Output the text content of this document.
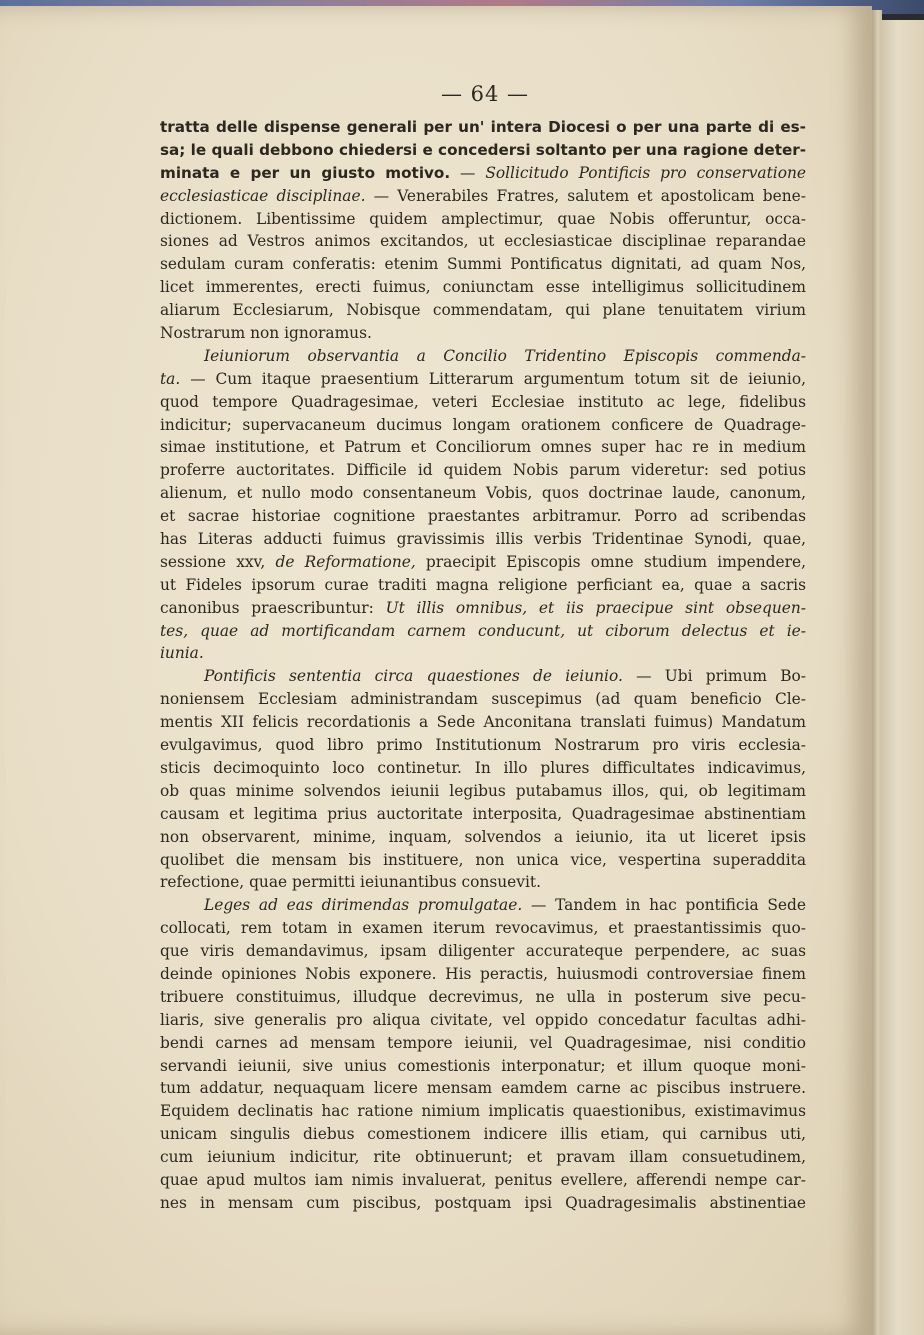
— 64 —
tratta delle dispense generali per un' intera Diocesi o per una parte di es-
sa; le quali debbono chiedersi e concedersi soltanto per una ragione deter-
minata e per un giusto motivo. — Sollicitudo Pontificis pro conservatione
ecclesiasticae disciplinae. — Venerabiles Fratres, salutem et apostolicam bene-
dictionem. Libentissime quidem amplectimur, quae Nobis offeruntur, occa-
siones ad Vestros animos excitandos, ut ecclesiasticae disciplinae reparandae
sedulam curam conferatis: etenim Summi Pontificatus dignitati, ad quam Nos,
licet immerentes, erecti fuimus, coniunctam esse intelligimus sollicitudinem
aliarum Ecclesiarum, Nobisque commendatam, qui plane tenuitatem virium
Nostrarum non ignoramus.
Ieiuniorum observantia a Concilio Tridentino Episcopis commenda-
ta. — Cum itaque praesentium Litterarum argumentum totum sit de ieiunio,
quod tempore Quadragesimae, veteri Ecclesiae instituto ac lege, fidelibus
indicitur; supervacaneum ducimus longam orationem conficere de Quadrage-
simae institutione, et Patrum et Conciliorum omnes super hac re in medium
proferre auctoritates. Difficile id quidem Nobis parum videretur: sed potius
alienum, et nullo modo consentaneum Vobis, quos doctrinae laude, canonum,
et sacrae historiae cognitione praestantes arbitramur. Porro ad scribendas
has Literas adducti fuimus gravissimis illis verbis Tridentinae Synodi, quae,
sessione xxv, de Reformatione, praecipit Episcopis omne studium impendere,
ut Fideles ipsorum curae traditi magna religione perficiant ea, quae a sacris
canonibus praescribuntur: Ut illis omnibus, et iis praecipue sint obsequen-
tes, quae ad mortificandam carnem conducunt, ut ciborum delectus et ie-
iunia.
Pontificis sententia circa quaestiones de ieiunio. — Ubi primum Bo-
noniensem Ecclesiam administrandam suscepimus (ad quam beneficio Cle-
mentis XII felicis recordationis a Sede Anconitana translati fuimus) Mandatum
evulgavimus, quod libro primo Institutionum Nostrarum pro viris ecclesia-
sticis decimoquinto loco continetur. In illo plures difficultates indicavimus,
ob quas minime solvendos ieiunii legibus putabamus illos, qui, ob legitimam
causam et legitima prius auctoritate interposita, Quadragesimae abstinentiam
non observarent, minime, inquam, solvendos a ieiunio, ita ut liceret ipsis
quolibet die mensam bis instituere, non unica vice, vespertina superaddita
refectione, quae permitti ieiunantibus consuevit.
Leges ad eas dirimendas promulgatae. — Tandem in hac pontificia Sede
collocati, rem totam in examen iterum revocavimus, et praestantissimis quo-
que viris demandavimus, ipsam diligenter accurateque perpendere, ac suas
deinde opiniones Nobis exponere. His peractis, huiusmodi controversiae finem
tribuere constituimus, illudque decrevimus, ne ulla in posterum sive pecu-
liaris, sive generalis pro aliqua civitate, vel oppido concedatur facultas adhi-
bendi carnes ad mensam tempore ieiunii, vel Quadragesimae, nisi conditio
servandi ieiunii, sive unius comestionis interponatur; et illum quoque moni-
tum addatur, nequaquam licere mensam eamdem carne ac piscibus instruere.
Equidem declinatis hac ratione nimium implicatis quaestionibus, existimavimus
unicam singulis diebus comestionem indicere illis etiam, qui carnibus uti,
cum ieiunium indicitur, rite obtinuerunt; et pravam illam consuetudinem,
quae apud multos iam nimis invaluerat, penitus evellere, afferendi nempe car-
nes in mensam cum piscibus, postquam ipsi Quadragesimalis abstinentiae
